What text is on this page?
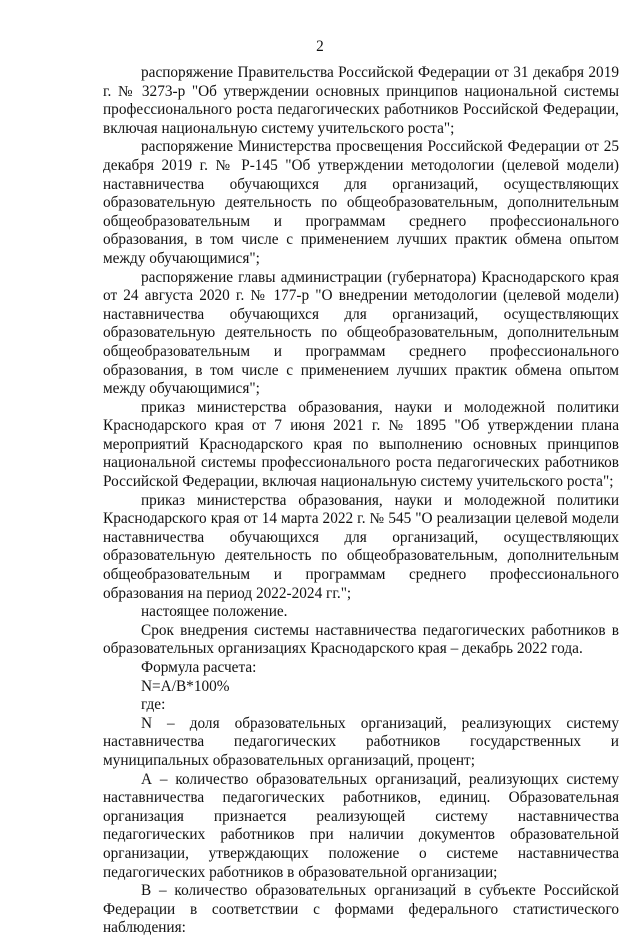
2

распоряжение Правительства Российской Федерации от 31 декабря 2019 г. № 3273-р "Об утверждении основных принципов национальной системы профессионального роста педагогических работников Российской Федерации, включая национальную систему учительского роста";

распоряжение Министерства просвещения Российской Федерации от 25 декабря 2019 г. № Р-145 "Об утверждении методологии (целевой модели) наставничества обучающихся для организаций, осуществляющих образовательную деятельность по общеобразовательным, дополнительным общеобразовательным и программам среднего профессионального образования, в том числе с применением лучших практик обмена опытом между обучающимися";

распоряжение главы администрации (губернатора) Краснодарского края от 24 августа 2020 г. № 177-р "О внедрении методологии (целевой модели) наставничества обучающихся для организаций, осуществляющих образовательную деятельность по общеобразовательным, дополнительным общеобразовательным и программам среднего профессионального образования, в том числе с применением лучших практик обмена опытом между обучающимися";

приказ министерства образования, науки и молодежной политики Краснодарского края от 7 июня 2021 г. № 1895 "Об утверждении плана мероприятий Краснодарского края по выполнению основных принципов национальной системы профессионального роста педагогических работников Российской Федерации, включая национальную систему учительского роста";

приказ министерства образования, науки и молодежной политики Краснодарского края от 14 марта 2022 г. № 545 "О реализации целевой модели наставничества обучающихся для организаций, осуществляющих образовательную деятельность по общеобразовательным, дополнительным общеобразовательным и программам среднего профессионального образования на период 2022-2024 гг.";

настоящее положение.

Срок внедрения системы наставничества педагогических работников в образовательных организациях Краснодарского края – декабрь 2022 года.

Формула расчета:

N=A/B*100%

где:

N – доля образовательных организаций, реализующих систему наставничества педагогических работников государственных и муниципальных образовательных организаций, процент;

А – количество образовательных организаций, реализующих систему наставничества педагогических работников, единиц. Образовательная организация признается реализующей систему наставничества педагогических работников при наличии документов образовательной организации, утверждающих положение о системе наставничества педагогических работников в образовательной организации;

В – количество образовательных организаций в субъекте Российской Федерации в соответствии с формами федерального статистического наблюдения:
